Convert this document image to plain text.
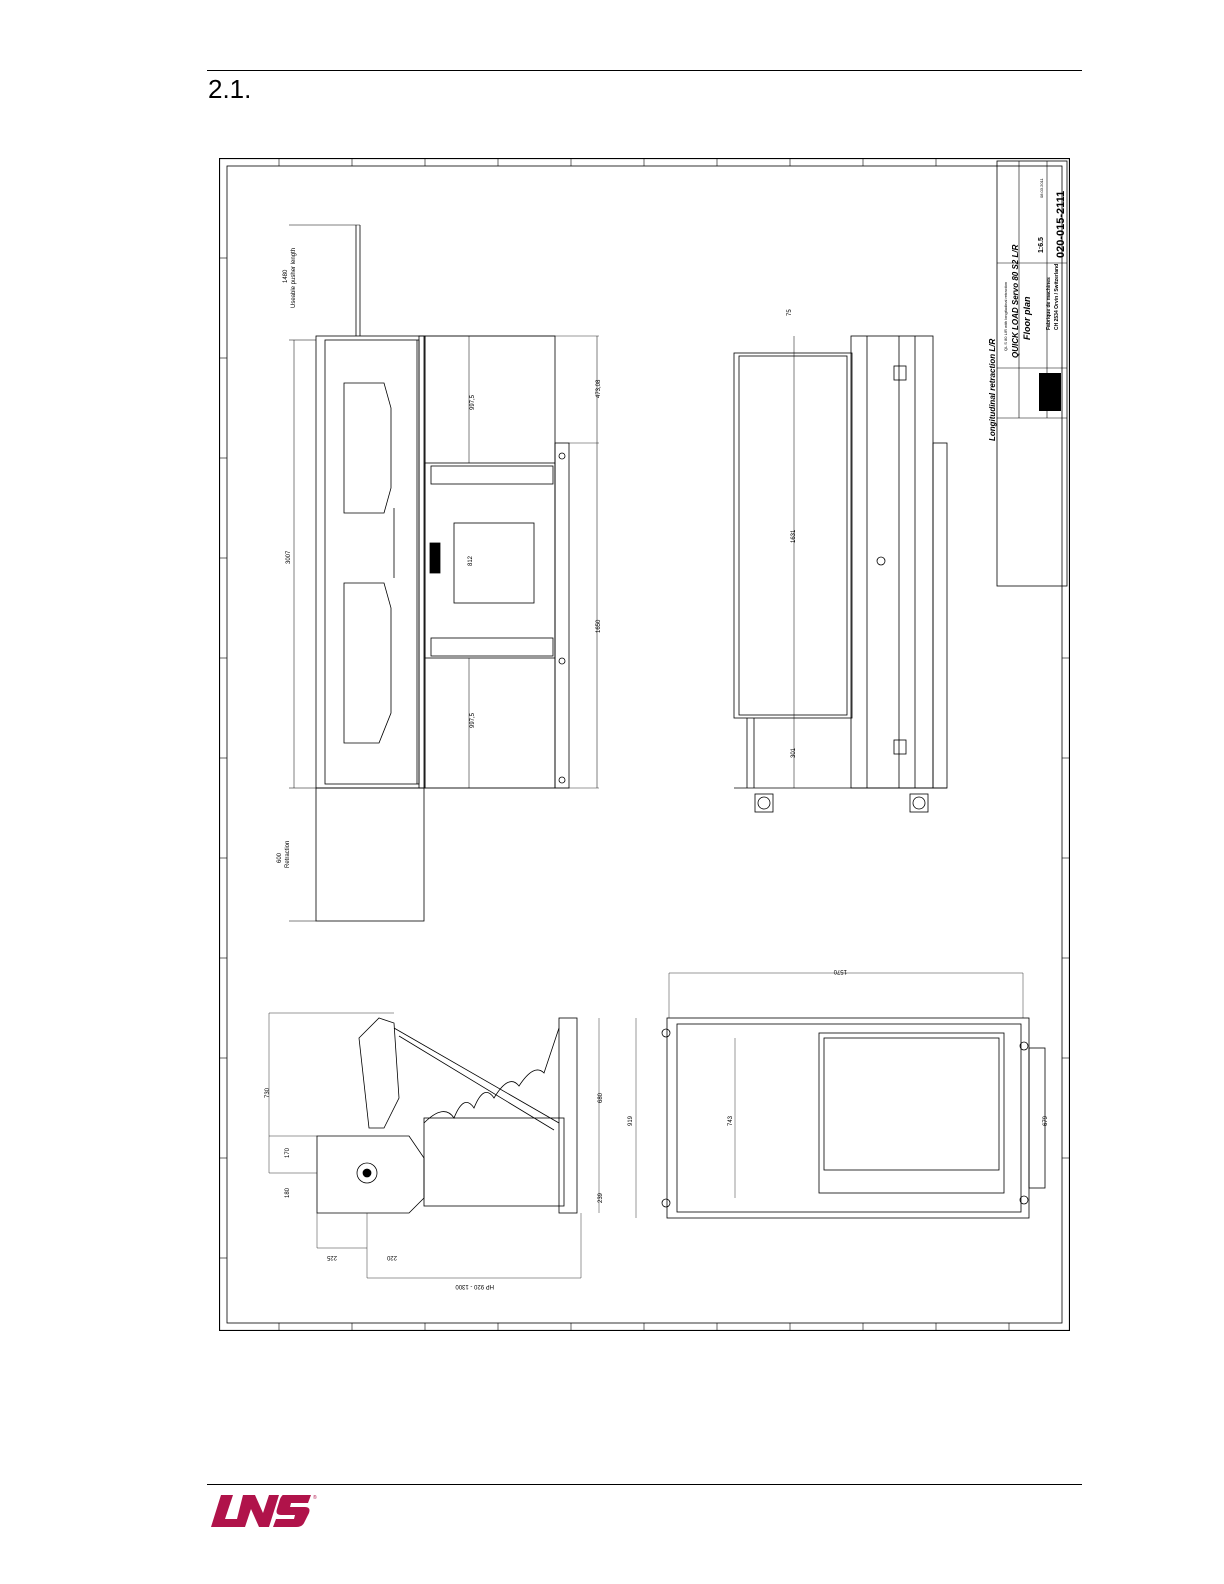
2.1.
1480 Useable pusher length
3007
600 Retraction
997,5
997,5
812
1650
473,08
75
1631
301
730
170
180
225	220
680
239
HP 920 - 1300
1570
919	743	679
Longitudinal retraction L/R
QL S 80 L/R with longitudinal retraction QUICK LOAD Servo 80 S2 L/R Floor plan	Fabrique de machines CH 2534 Orvin / Switzerland
020-015-2111
1:6.5
08.03.2011
®
